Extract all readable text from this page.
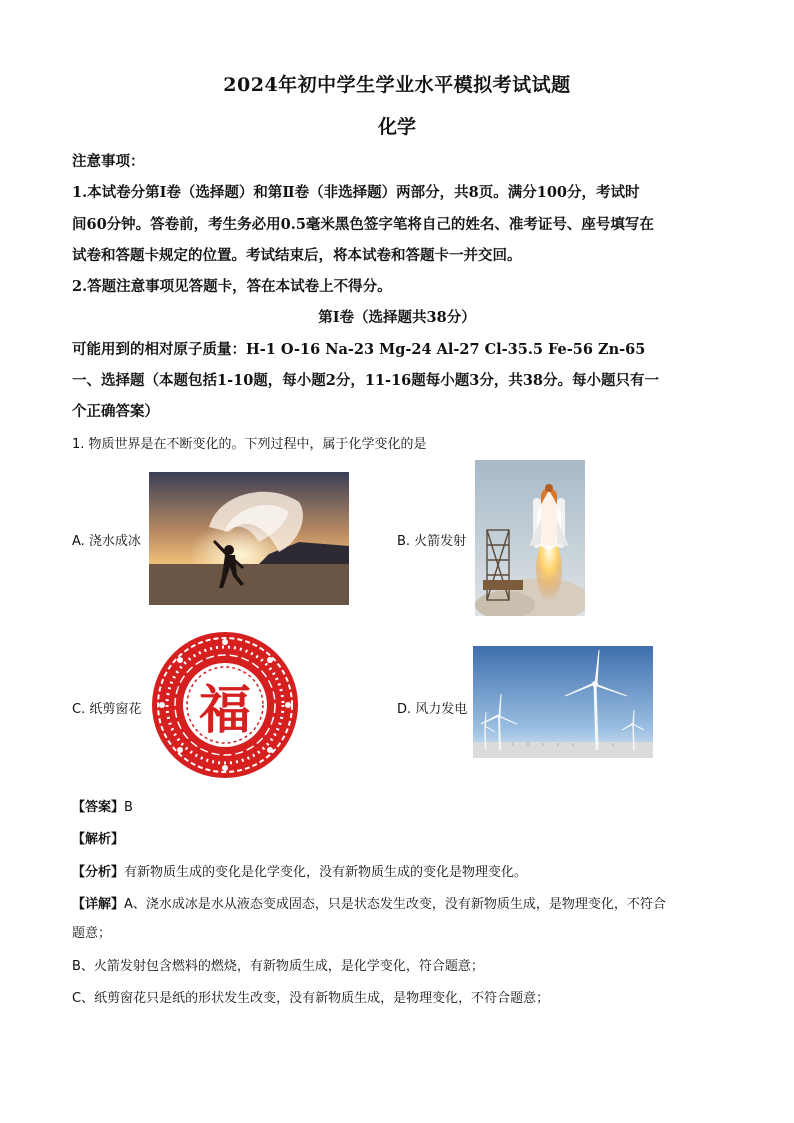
2024年初中学生学业水平模拟考试试题
化学
注意事项：
1.本试卷分第Ⅰ卷（选择题）和第Ⅱ卷（非选择题）两部分，共8页。满分100分，考试时
间60分钟。答卷前，考生务必用0.5毫米黑色签字笔将自己的姓名、准考证号、座号填写在
试卷和答题卡规定的位置。考试结束后，将本试卷和答题卡一并交回。
2.答题注意事项见答题卡，答在本试卷上不得分。
第Ⅰ卷（选择题共38分）
可能用到的相对原子质量：H-1 O-16 Na-23 Mg-24 Al-27 Cl-35.5 Fe-56 Zn-65
一、选择题（本题包括1-10题，每小题2分，11-16题每小题3分，共38分。每小题只有一
个正确答案）
1. 物质世界是在不断变化的。下列过程中，属于化学变化的是
A. 浇水成冰	B. 火箭发射
C. 纸剪窗花	福	D. 风力发电
【答案】B
【解析】
【分析】有新物质生成的变化是化学变化，没有新物质生成的变化是物理变化。
【详解】A、浇水成冰是水从液态变成固态，只是状态发生改变，没有新物质生成，是物理变化，不符合
题意；
B、火箭发射包含燃料的燃烧，有新物质生成，是化学变化，符合题意；
C、纸剪窗花只是纸的形状发生改变，没有新物质生成，是物理变化，不符合题意；
